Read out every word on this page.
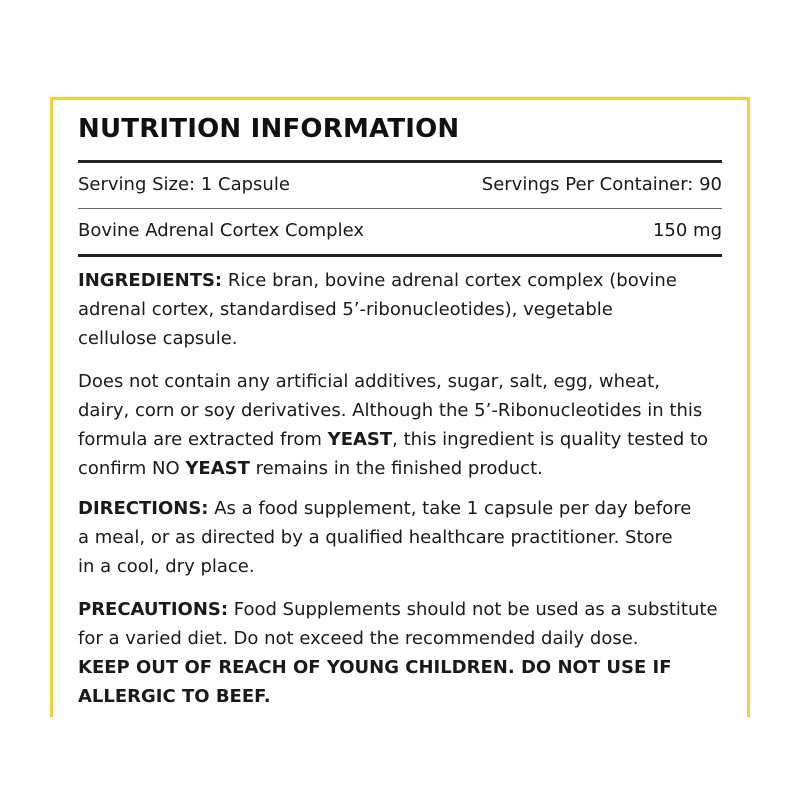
NUTRITION INFORMATION
Serving Size: 1 Capsule	Servings Per Container: 90
Bovine Adrenal Cortex Complex	150 mg
INGREDIENTS: Rice bran, bovine adrenal cortex complex (bovine
adrenal cortex, standardised 5’-ribonucleotides), vegetable
cellulose capsule.
Does not contain any artificial additives, sugar, salt, egg, wheat,
dairy, corn or soy derivatives. Although the 5’-Ribonucleotides in this
formula are extracted from YEAST, this ingredient is quality tested to
confirm NO YEAST remains in the finished product.
DIRECTIONS: As a food supplement, take 1 capsule per day before
a meal, or as directed by a qualified healthcare practitioner. Store
in a cool, dry place.
PRECAUTIONS: Food Supplements should not be used as a substitute
for a varied diet. Do not exceed the recommended daily dose.
KEEP OUT OF REACH OF YOUNG CHILDREN. DO NOT USE IF
ALLERGIC TO BEEF.
